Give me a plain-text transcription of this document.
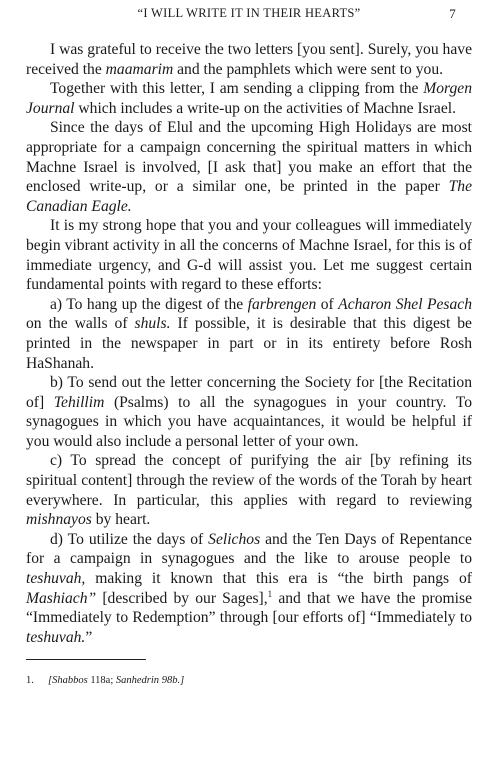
“I WILL WRITE IT IN THEIR HEARTS”	7

I was grateful to receive the two letters [you sent]. Surely, you have received the maamarim and the pamphlets which were sent to you.

Together with this letter, I am sending a clipping from the Morgen Journal which includes a write-up on the activities of Machne Israel.

Since the days of Elul and the upcoming High Holidays are most appropriate for a campaign concerning the spiritual matters in which Machne Israel is involved, [I ask that] you make an effort that the enclosed write-up, or a similar one, be printed in the paper The Canadian Eagle.

It is my strong hope that you and your colleagues will immediately begin vibrant activity in all the concerns of Machne Israel, for this is of immediate urgency, and G-d will assist you. Let me suggest certain fundamental points with regard to these efforts:

a) To hang up the digest of the farbrengen of Acharon Shel Pesach on the walls of shuls. If possible, it is desirable that this digest be printed in the newspaper in part or in its entirety before Rosh HaShanah.

b) To send out the letter concerning the Society for [the Recitation of] Tehillim (Psalms) to all the synagogues in your country. To synagogues in which you have acquaintances, it would be helpful if you would also include a personal letter of your own.

c) To spread the concept of purifying the air [by refining its spiritual content] through the review of the words of the Torah by heart everywhere. In particular, this applies with regard to reviewing mishnayos by heart.

d) To utilize the days of Selichos and the Ten Days of Repentance for a campaign in synagogues and the like to arouse people to teshuvah, making it known that this era is “the birth pangs of Mashiach” [described by our Sages],$^1$ and that we have the promise “Immediately to Redemption” through [our efforts of] “Immediately to teshuvah.”

1. [Shabbos 118a; Sanhedrin 98b.]
